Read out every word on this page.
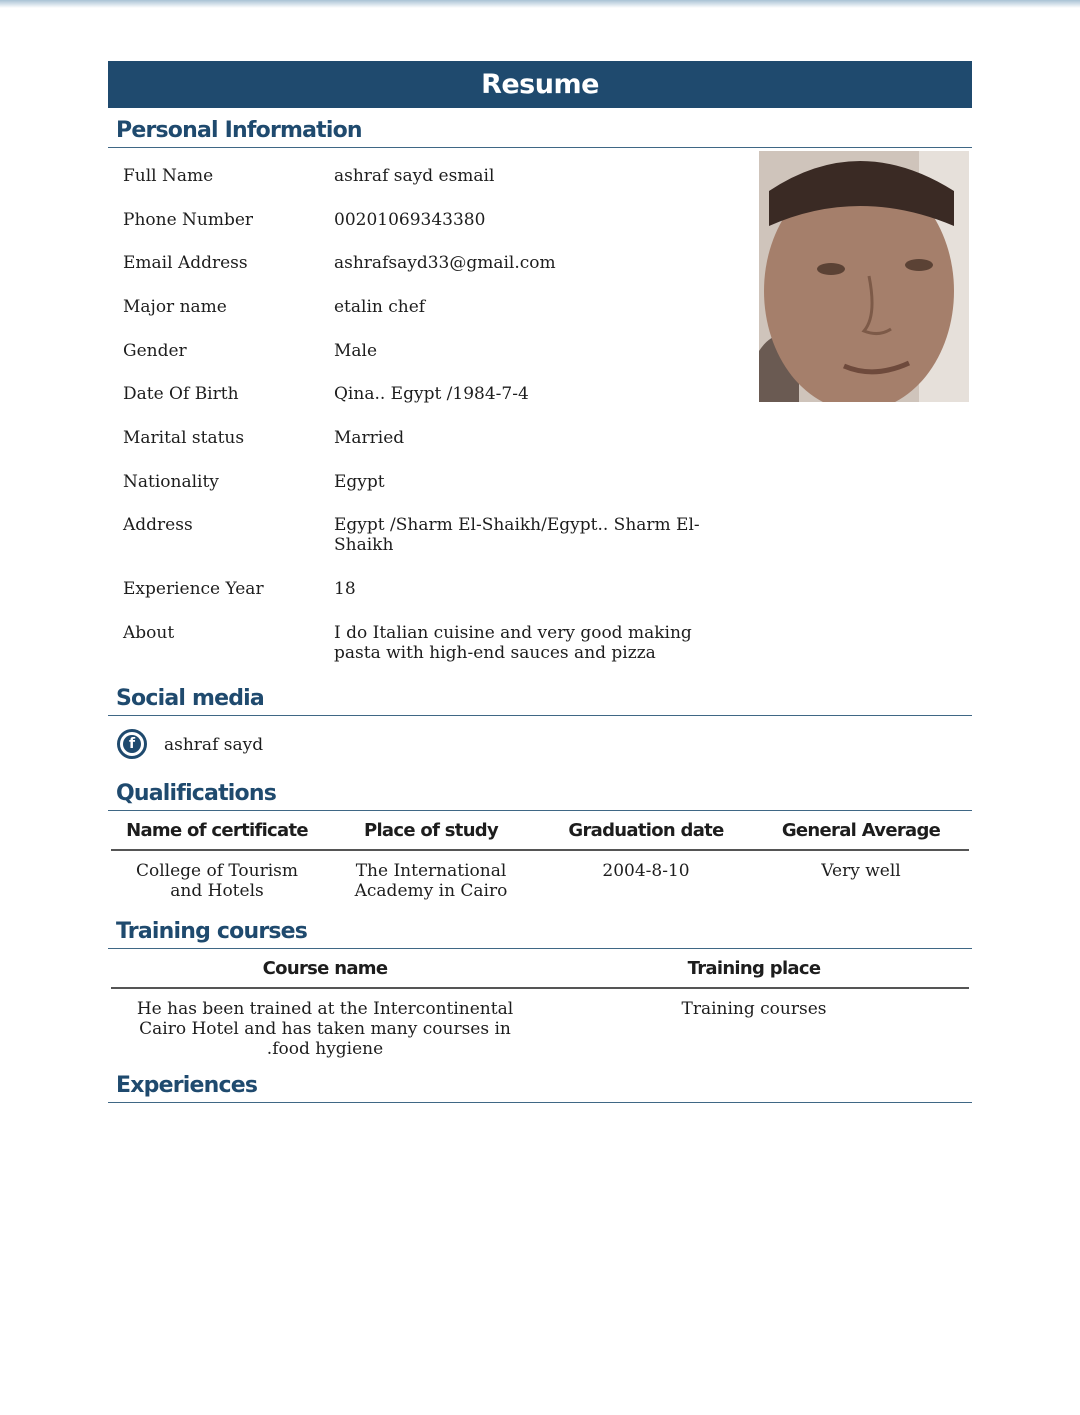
Resume
Personal Information
Full Name	ashraf sayd esmail
Phone Number	00201069343380
Email Address	ashrafsayd33@gmail.com
Major name	etalin chef
Gender	Male
Date Of Birth	Qina.. Egypt /1984-7-4
Marital status	Married
Nationality	Egypt
Address	Egypt /Sharm El-Shaikh/Egypt.. Sharm El-Shaikh
Experience Year	18
About	I do Italian cuisine and very good making pasta with high-end sauces and pizza
Social media
f	ashraf sayd
Qualifications
Name of certificate	Place of study	Graduation date	General Average
College of Tourism and Hotels	The International Academy in Cairo	2004-8-10	Very well
Training courses
Course name	Training place
He has been trained at the Intercontinental Cairo Hotel and has taken many courses in .food hygiene	Training courses
Experiences
